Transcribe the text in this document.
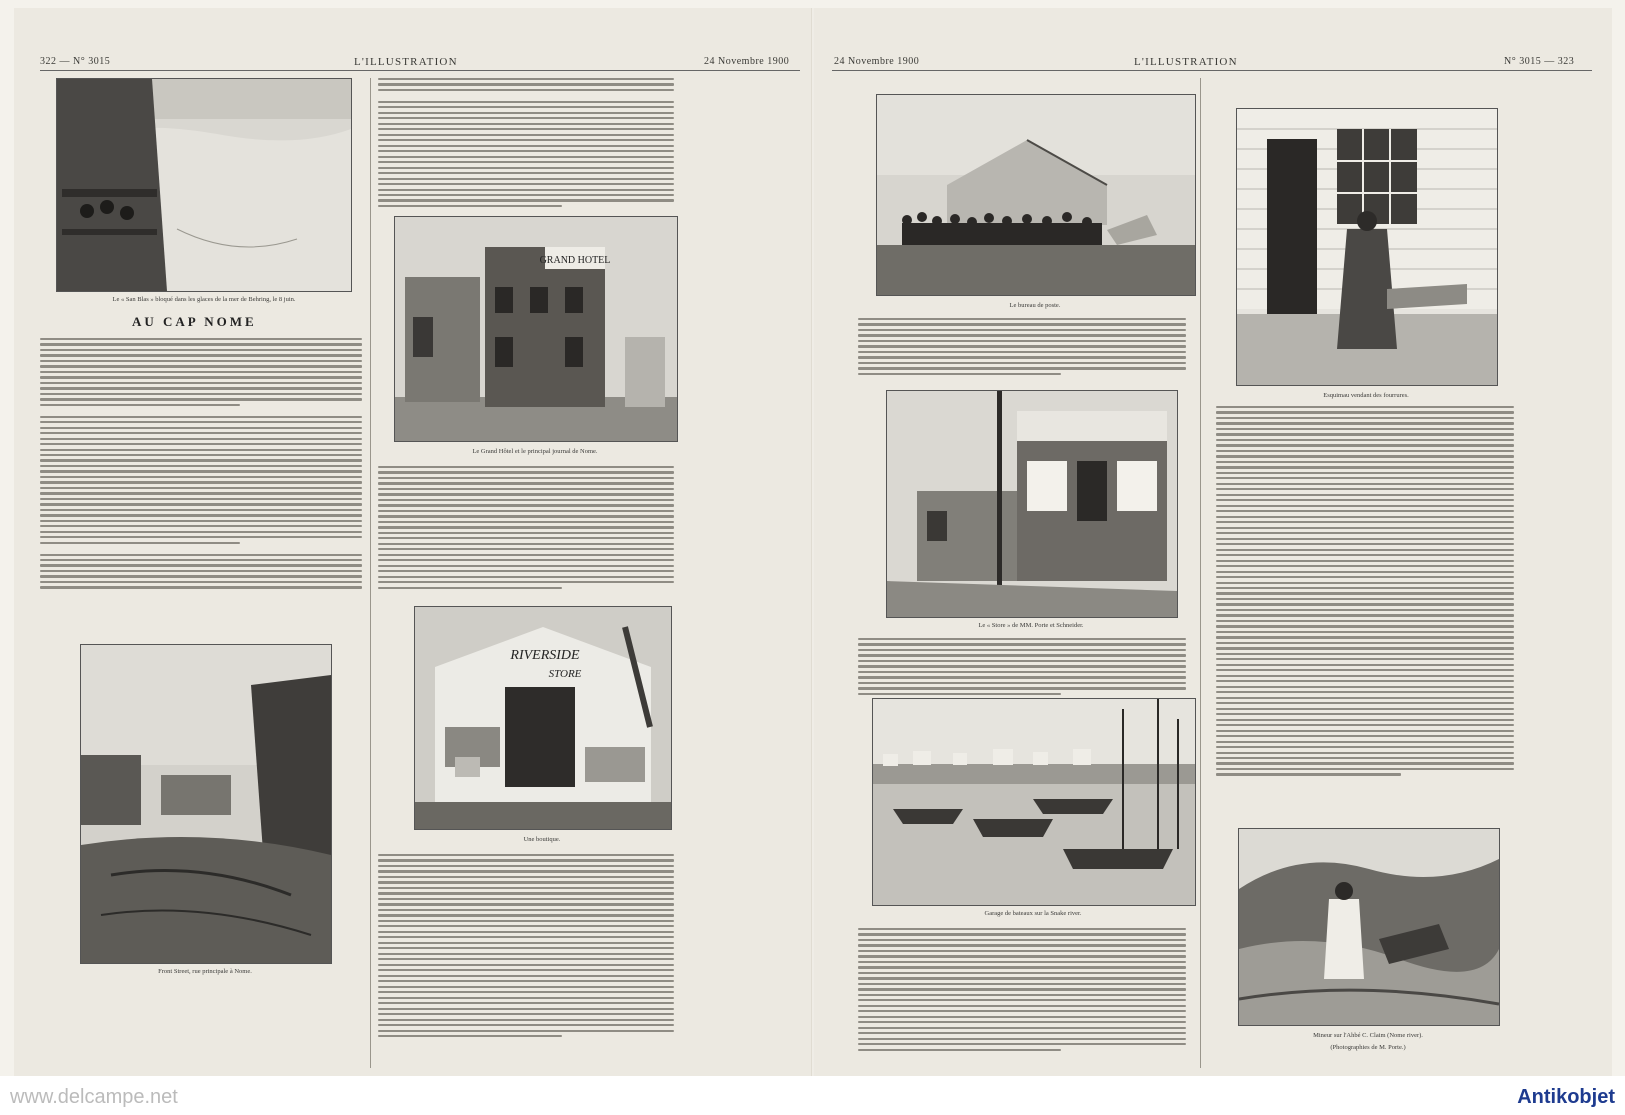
322 — N° 3015	L'ILLUSTRATION	24 Novembre 1900
Le « San Blas » bloqué dans les glaces de la mer de Behring, le 8 juin.
AU CAP NOME
Front Street, rue principale à Nome.
GRAND HOTEL
Le Grand Hôtel et le principal journal de Nome.
RIVERSIDE
STORE
Une boutique.
24 Novembre 1900	L'ILLUSTRATION	N° 3015 — 323
Le bureau de poste.
Le « Store » de MM. Porte et Schneider.
Garage de bateaux sur la Snake river.
Esquimau vendant des fourrures.
Mineur sur l'Ahbé C. Claim (Nome river).
(Photographies de M. Porte.)
www.delcampe.net	Antikobjet
